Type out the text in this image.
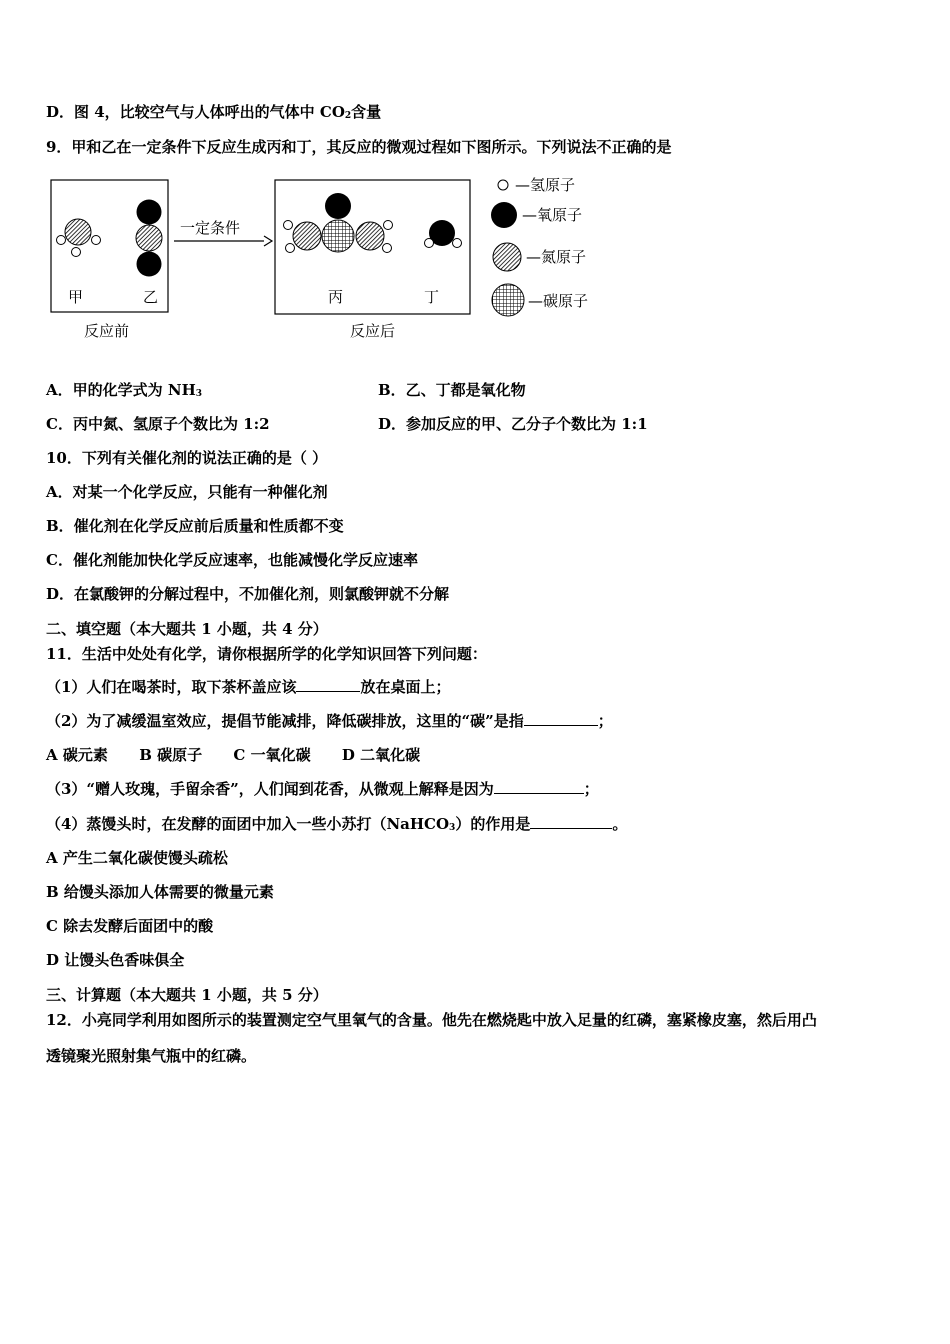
D．图 4，比较空气与人体呼出的气体中 $CO_2$含量
9．甲和乙在一定条件下反应生成丙和丁，其反应的微观过程如下图所示。下列说法不正确的是
甲	乙
反应前
一定条件
丙	丁
反应后
—氢原子
—氧原子
—氮原子
—碳原子
A．甲的化学式为 $NH_3$	B．乙、丁都是氧化物
C．丙中氮、氢原子个数比为 1:2	D．参加反应的甲、乙分子个数比为 1:1
10．下列有关催化剂的说法正确的是（ ）
A．对某一个化学反应，只能有一种催化剂
B．催化剂在化学反应前后质量和性质都不变
C．催化剂能加快化学反应速率，也能减慢化学反应速率
D．在氯酸钾的分解过程中，不加催化剂，则氯酸钾就不分解
二、填空题（本大题共 1 小题，共 4 分）
11．生活中处处有化学，请你根据所学的化学知识回答下列问题：
（1）人们在喝茶时，取下茶杯盖应该	放在桌面上；
（2）为了减缓温室效应，提倡节能减排，降低碳排放，这里的“碳”是指	；
A 碳元素      B 碳原子      C 一氧化碳      D 二氧化碳
（3）“赠人玫瑰，手留余香”，人们闻到花香，从微观上解释是因为	；
（4）蒸馒头时，在发酵的面团中加入一些小苏打（NaHCO$_3$）的作用是	。
A 产生二氧化碳使馒头疏松
B 给馒头添加人体需要的微量元素
C 除去发酵后面团中的酸
D 让馒头色香味俱全
三、计算题（本大题共 1 小题，共 5 分）
12．小亮同学利用如图所示的装置测定空气里氧气的含量。他先在燃烧匙中放入足量的红磷，塞紧橡皮塞，然后用凸
透镜聚光照射集气瓶中的红磷。
